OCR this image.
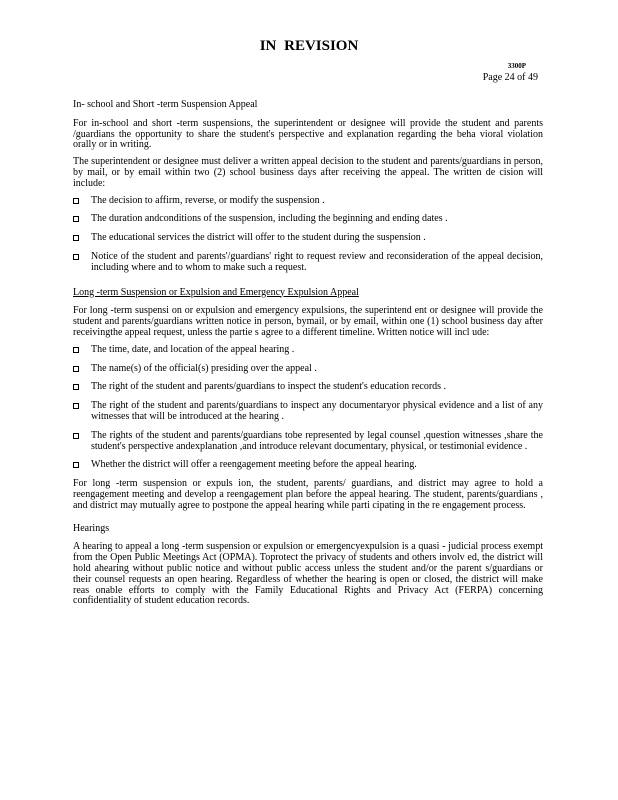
IN REVISION
3300P
Page 24 of 49

In- school and Short -term Suspension Appeal

For in-school and short -term suspensions, the superintendent or designee will provide the student and parents /guardians the opportunity to share the student's perspective and explanation regarding the beha vioral violation orally or in writing.

The superintendent or designee must deliver a written appeal decision to the student and parents/guardians in person, by mail, or by email within two (2) school business days after receiving the appeal. The written de cision will include:

The decision to affirm, reverse, or modify the suspension .
The duration andconditions of the suspension, including the beginning and ending dates .
The educational services the district will offer to the student during the suspension .
Notice of the student and parents'/guardians' right to request review and reconsideration of the appeal decision, including where and to whom to make such a request.

Long -term Suspension or Expulsion and Emergency Expulsion Appeal

For long -term suspensi on or expulsion and emergency expulsions, the superintend ent or designee will provide the student and parents/guardians written notice in person, bymail, or by email, within one (1) school business day after receivingthe appeal request, unless the partie s agree to a different timeline. Written notice will incl ude:

The time, date, and location of the appeal hearing .
The name(s) of the official(s) presiding over the appeal .
The right of the student and parents/guardians to inspect the student's education records .
The right of the student and parents/guardians to inspect any documentaryor physical evidence and a list of any witnesses that will be introduced at the hearing .
The rights of the student and parents/guardians tobe represented by legal counsel ,question witnesses ,share the student's perspective andexplanation ,and introduce relevant documentary, physical, or testimonial evidence .
Whether the district will offer a reengagement meeting before the appeal hearing.

For long -term suspension or expuls ion, the student, parents/ guardians, and district may agree to hold a reengagement meeting and develop a reengagement plan before the appeal hearing. The student, parents/guardians , and district may mutually agree to postpone the appeal hearing while parti cipating in the re engagement process.

Hearings

A hearing to appeal a long -term suspension or expulsion or emergencyexpulsion is a quasi - judicial process exempt from the Open Public Meetings Act (OPMA). Toprotect the privacy of students and others involv ed, the district will hold ahearing without public notice and without public access unless the student and/or the parent s/guardians or their counsel requests an open hearing. Regardless of whether the hearing is open or closed, the district will make reas onable efforts to comply with the Family Educational Rights and Privacy Act (FERPA) concerning confidentiality of student education records.
